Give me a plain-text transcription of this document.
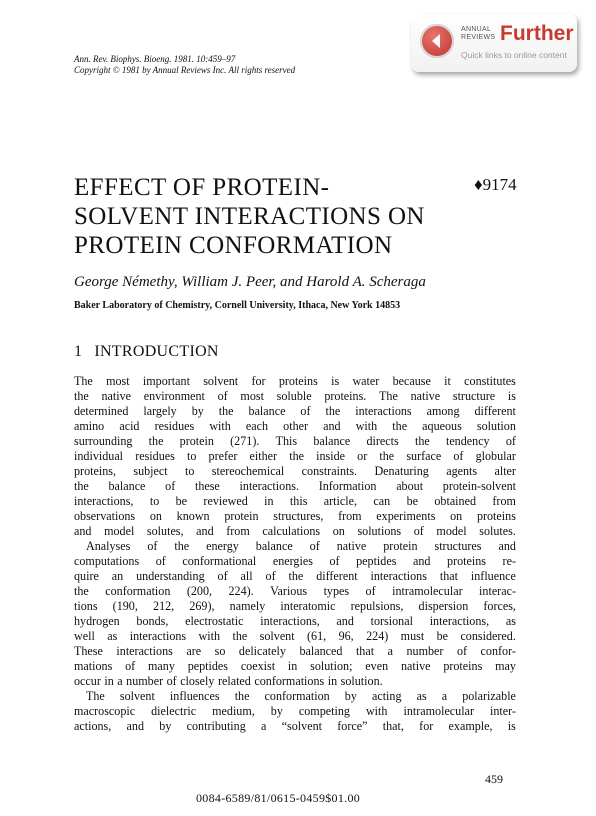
Ann. Rev. Biophys. Bioeng. 1981. 10:459–97
Copyright © 1981 by Annual Reviews Inc. All rights reserved
ANNUAL
REVIEWS Further
Quick links to online content
EFFECT OF PROTEIN-
SOLVENT INTERACTIONS ON
PROTEIN CONFORMATION
♦9174
George Némethy, William J. Peer, and Harold A. Scheraga
Baker Laboratory of Chemistry, Cornell University, Ithaca, New York 14853
1 INTRODUCTION
The most important solvent for proteins is water because it constitutes
the native environment of most soluble proteins. The native structure is
determined largely by the balance of the interactions among different
amino acid residues with each other and with the aqueous solution
surrounding the protein (271). This balance directs the tendency of
individual residues to prefer either the inside or the surface of globular
proteins, subject to stereochemical constraints. Denaturing agents alter
the balance of these interactions. Information about protein-solvent
interactions, to be reviewed in this article, can be obtained from
observations on known protein structures, from experiments on proteins
and model solutes, and from calculations on solutions of model solutes.
Analyses of the energy balance of native protein structures and
computations of conformational energies of peptides and proteins re-
quire an understanding of all of the different interactions that influence
the conformation (200, 224). Various types of intramolecular interac-
tions (190, 212, 269), namely interatomic repulsions, dispersion forces,
hydrogen bonds, electrostatic interactions, and torsional interactions, as
well as interactions with the solvent (61, 96, 224) must be considered.
These interactions are so delicately balanced that a number of confor-
mations of many peptides coexist in solution; even native proteins may
occur in a number of closely related conformations in solution.
The solvent influences the conformation by acting as a polarizable
macroscopic dielectric medium, by competing with intramolecular inter-
actions, and by contributing a “solvent force” that, for example, is
459
0084-6589/81/0615-0459$01.00
